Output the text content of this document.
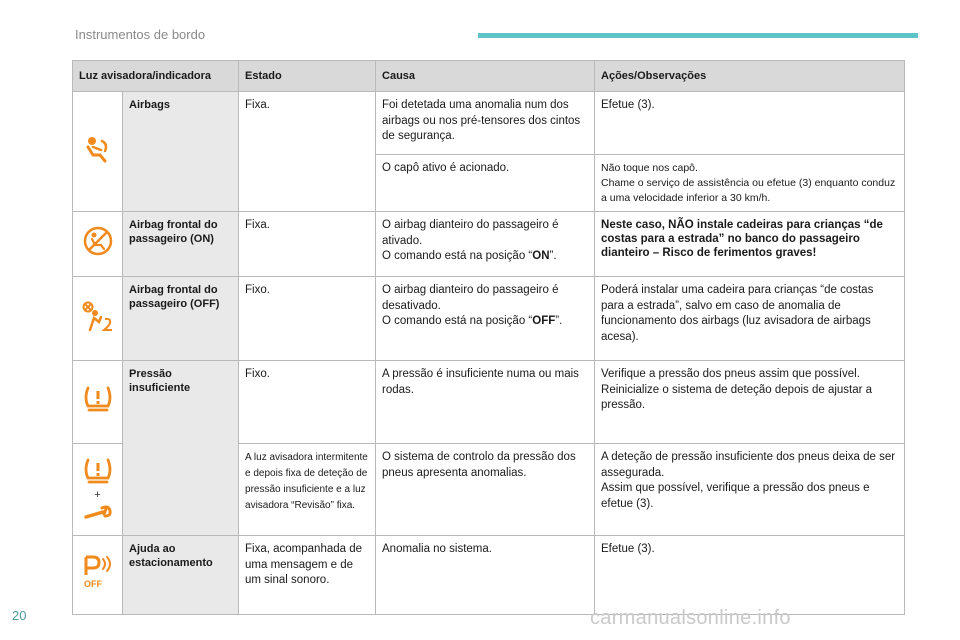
Instrumentos de bordo
Luz avisadora/indicadora		Estado	Causa	Ações/Observações

Airbags	Fixa.	Foi detetada uma anomalia num dos airbags ou nos pré-tensores dos cintos de segurança.	Efetue (3).
			O capô ativo é acionado.	Não toque nos capô.
Chame o serviço de assistência ou efetue (3) enquanto conduz a uma velocidade inferior a 30 km/h.

Airbag frontal do passageiro (ON)	Fixa.	O airbag dianteiro do passageiro é ativado.
O comando está na posição “ON”.	Neste caso, NÃO instale cadeiras para crianças “de costas para a estrada” no banco do passageiro dianteiro – Risco de ferimentos graves!

Airbag frontal do passageiro (OFF)	Fixo.	O airbag dianteiro do passageiro é desativado.
O comando está na posição “OFF”.	Poderá instalar uma cadeira para crianças “de costas para a estrada”, salvo em caso de anomalia de funcionamento dos airbags (luz avisadora de airbags acesa).

Pressão insuficiente	Fixo.	A pressão é insuficiente numa ou mais rodas.	Verifique a pressão dos pneus assim que possível.
Reinicialize o sistema de deteção depois de ajustar a pressão.

+		A luz avisadora intermitente e depois fixa de deteção de pressão insuficiente e a luz avisadora “Revisão” fixa.	O sistema de controlo da pressão dos pneus apresenta anomalias.	A deteção de pressão insuficiente dos pneus deixa de ser assegurada.
Assim que possível, verifique a pressão dos pneus e efetue (3).

OFF	Ajuda ao estacionamento	Fixa, acompanhada de uma mensagem e de um sinal sonoro.	Anomalia no sistema.	Efetue (3).
20	carmanualsonline.info
